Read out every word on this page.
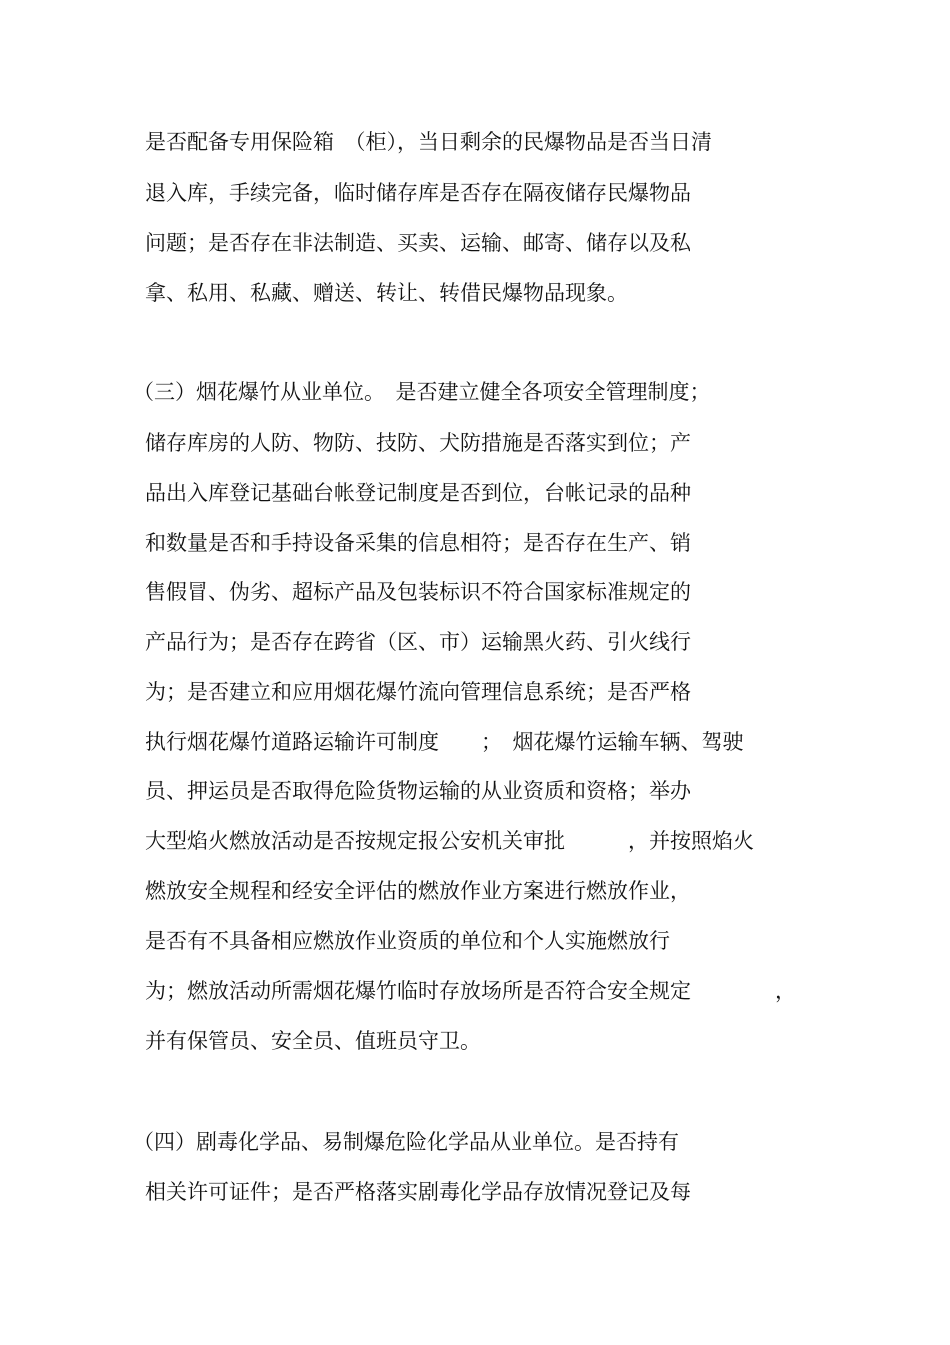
是否配备专用保险箱　（柜），当日剩余的民爆物品是否当日清
退入库，手续完备，临时储存库是否存在隔夜储存民爆物品
问题；是否存在非法制造、买卖、运输、邮寄、储存以及私
拿、私用、私藏、赠送、转让、转借民爆物品现象。
（三）烟花爆竹从业单位。　是否建立健全各项安全管理制度；
储存库房的人防、物防、技防、犬防措施是否落实到位；产
品出入库登记基础台帐登记制度是否到位，台帐记录的品种
和数量是否和手持设备采集的信息相符；是否存在生产、销
售假冒、伪劣、超标产品及包装标识不符合国家标准规定的
产品行为；是否存在跨省（区、市）运输黑火药、引火线行
为；是否建立和应用烟花爆竹流向管理信息系统；是否严格
执行烟花爆竹道路运输许可制度　　；　烟花爆竹运输车辆、驾驶
员、押运员是否取得危险货物运输的从业资质和资格；举办
大型焰火燃放活动是否按规定报公安机关审批　　　，并按照焰火
燃放安全规程和经安全评估的燃放作业方案进行燃放作业，
是否有不具备相应燃放作业资质的单位和个人实施燃放行
为；燃放活动所需烟花爆竹临时存放场所是否符合安全规定　　　　，
并有保管员、安全员、值班员守卫。
（四）剧毒化学品、易制爆危险化学品从业单位。是否持有
相关许可证件；是否严格落实剧毒化学品存放情况登记及每
